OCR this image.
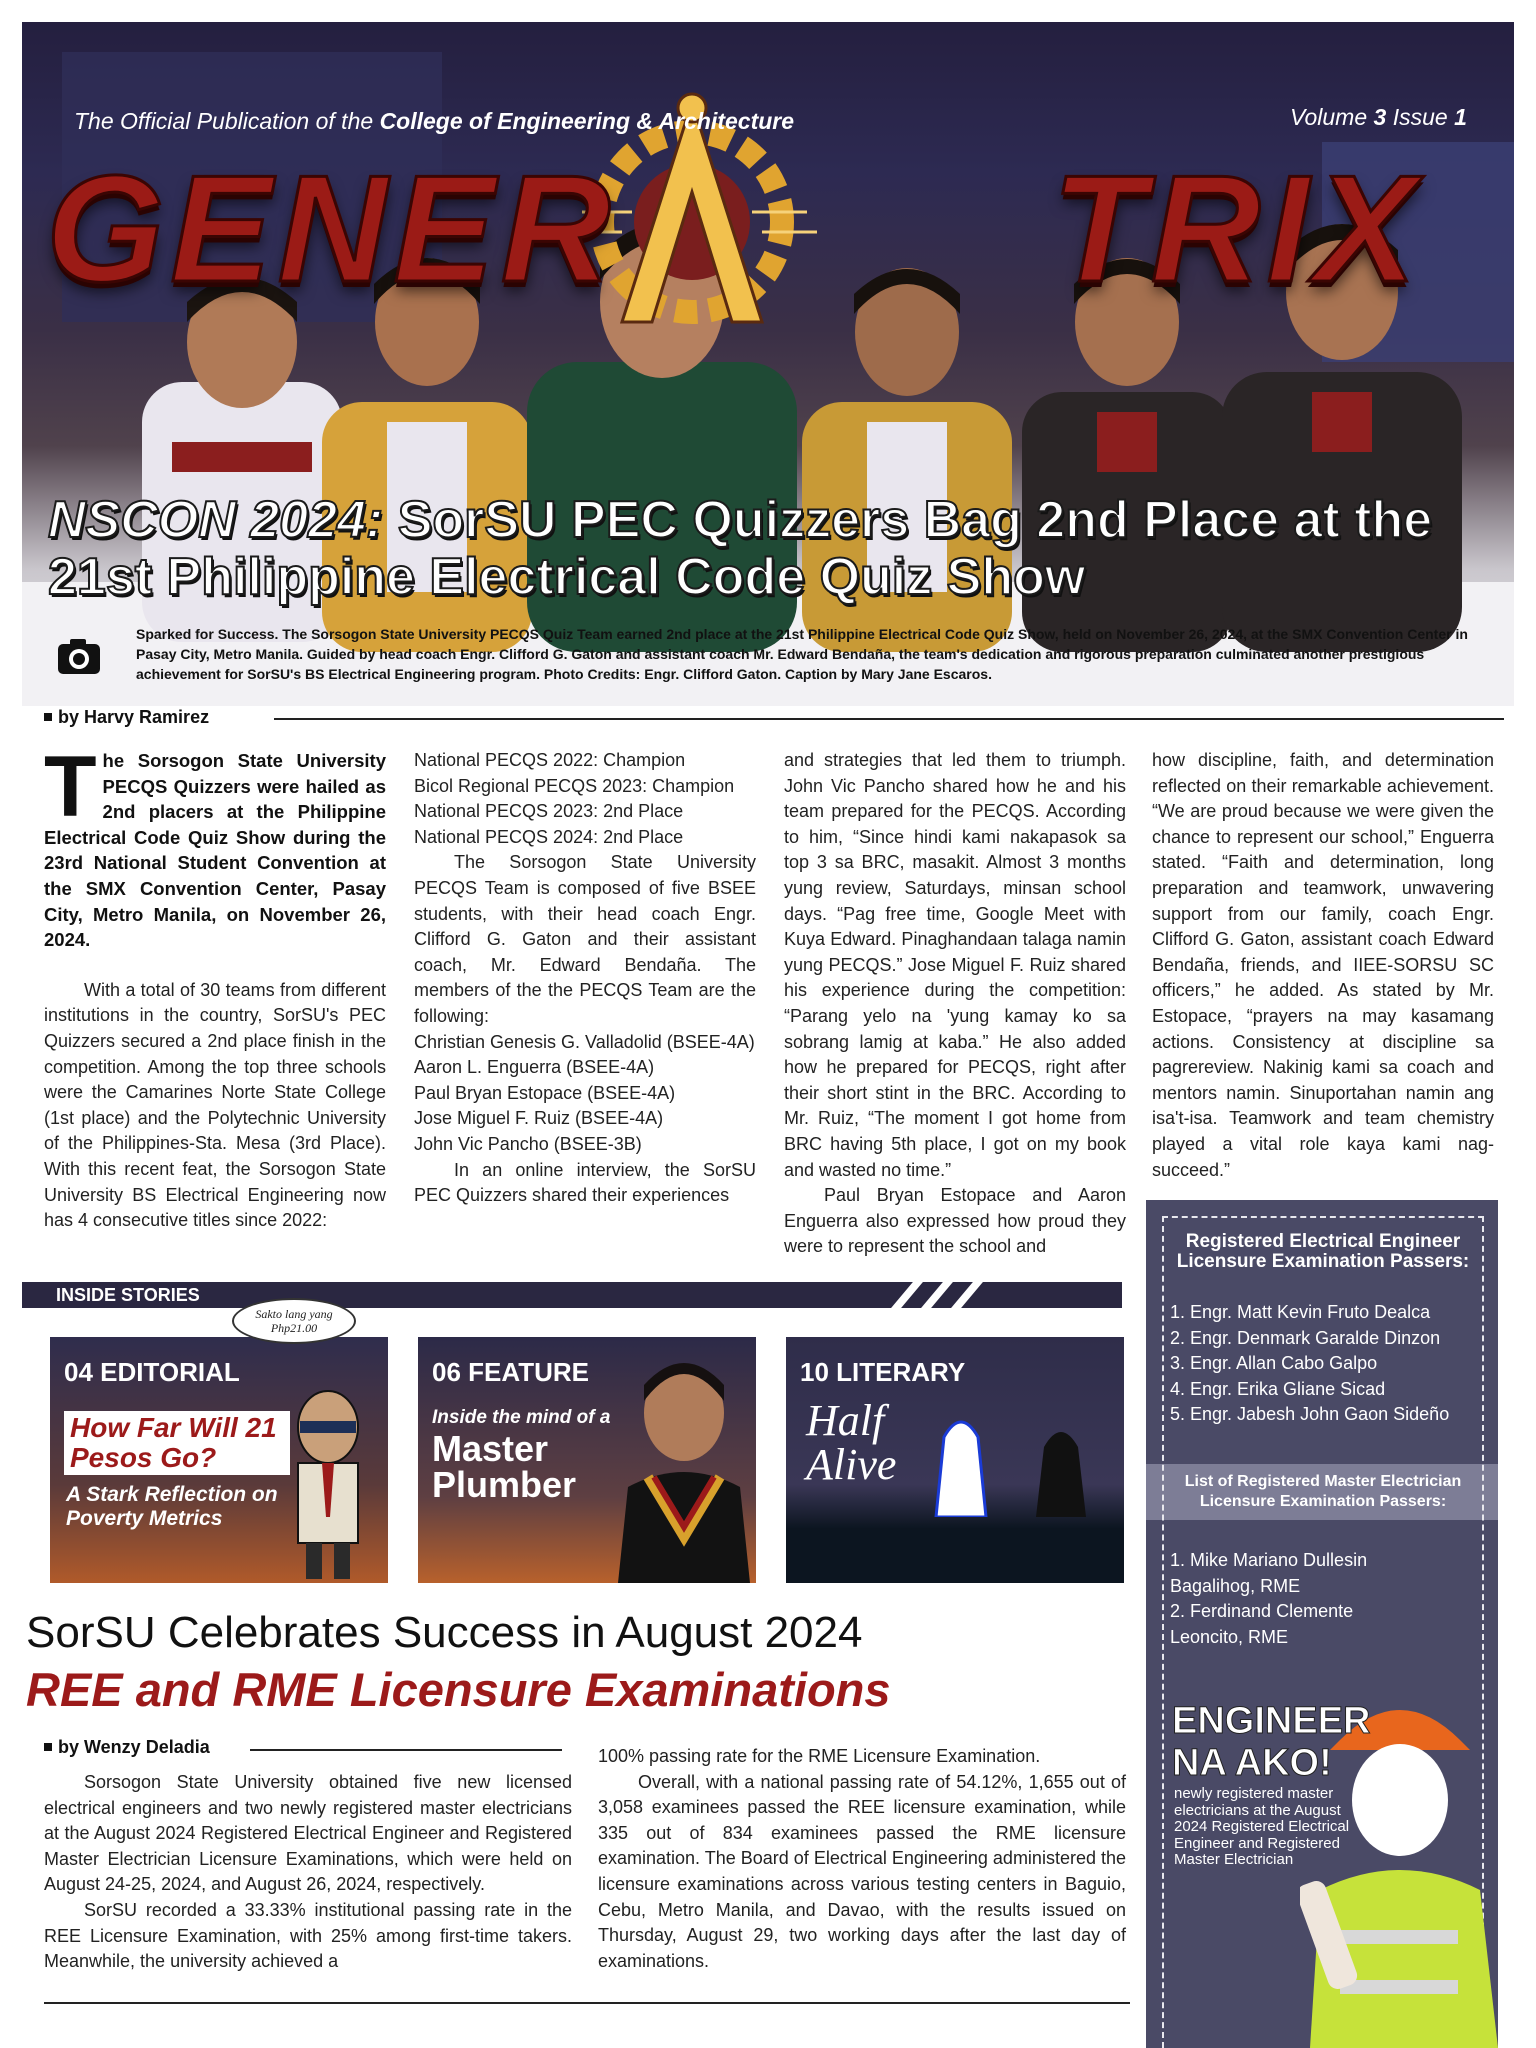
The Official Publication of the College of Engineering & Architecture	Volume 3 Issue 1
GENER	TRIX
NSCON 2024: SorSU PEC Quizzers Bag 2nd Place at the 21st Philippine Electrical Code Quiz Show
Sparked for Success. The Sorsogon State University PECQS Quiz Team earned 2nd place at the 21st Philippine Electrical Code Quiz Show, held on November 26, 2024, at the SMX Convention Center in Pasay City, Metro Manila. Guided by head coach Engr. Clifford G. Gaton and assistant coach Mr. Edward Bendaña, the team's dedication and rigorous preparation culminated another prestigious achievement for SorSU's BS Electrical Engineering program. Photo Credits: Engr. Clifford Gaton. Caption by Mary Jane Escaros.
by Harvy Ramirez
T he Sorsogon State University PECQS Quizzers were hailed as 2nd placers at the Philippine Electrical Code Quiz Show during the 23rd National Student Convention at the SMX Convention Center, Pasay City, Metro Manila, on November 26, 2024.

With a total of 30 teams from different institutions in the country, SorSU's PEC Quizzers secured a 2nd place finish in the competition. Among the top three schools were the Camarines Norte State College (1st place) and the Polytechnic University of the Philippines-Sta. Mesa (3rd Place). With this recent feat, the Sorsogon State University BS Electrical Engineering now has 4 consecutive titles since 2022:

National PECQS 2022: Champion

Bicol Regional PECQS 2023: Champion

National PECQS 2023: 2nd Place

National PECQS 2024: 2nd Place

The Sorsogon State University PECQS Team is composed of five BSEE students, with their head coach Engr. Clifford G. Gaton and their assistant coach, Mr. Edward Bendaña. The members of the the PECQS Team are the following:

Christian Genesis G. Valladolid (BSEE-4A)

Aaron L. Enguerra (BSEE-4A)

Paul Bryan Estopace (BSEE-4A)

Jose Miguel F. Ruiz (BSEE-4A)

John Vic Pancho (BSEE-3B)

In an online interview, the SorSU PEC Quizzers shared their experiences

and strategies that led them to triumph. John Vic Pancho shared how he and his team prepared for the PECQS. According to him, “Since hindi kami nakapasok sa top 3 sa BRC, masakit. Almost 3 months yung review, Saturdays, minsan school days. “Pag free time, Google Meet with Kuya Edward. Pinaghandaan talaga namin yung PECQS.” Jose Miguel F. Ruiz shared his experience during the competition: “Parang yelo na 'yung kamay ko sa sobrang lamig at kaba.” He also added how he prepared for PECQS, right after their short stint in the BRC. According to Mr. Ruiz, “The moment I got home from BRC having 5th place, I got on my book and wasted no time.”

Paul Bryan Estopace and Aaron Enguerra also expressed how proud they were to represent the school and

how discipline, faith, and determination reflected on their remarkable achievement. “We are proud because we were given the chance to represent our school,” Enguerra stated. “Faith and determination, long preparation and teamwork, unwavering support from our family, coach Engr. Clifford G. Gaton, assistant coach Edward Bendaña, friends, and IIEE-SORSU SC officers,” he added. As stated by Mr. Estopace, “prayers na may kasamang actions. Consistency at discipline sa pagrereview. Nakinig kami sa coach and mentors namin. Sinuportahan namin ang isa't-isa. Teamwork and team chemistry played a vital role kaya kami nag-succeed.”

INSIDE STORIES
04 EDITORIAL
How Far Will 21 Pesos Go?
A Stark Reflection on Poverty Metrics
Sakto lang yang Php21.00
06 FEATURE
Inside the mind of a
Master
Plumber
10 LITERARY
Half
Alive
SorSU Celebrates Success in August 2024
REE and RME Licensure Examinations
by Wenzy Deladia

Sorsogon State University obtained five new licensed electrical engineers and two newly registered master electricians at the August 2024 Registered Electrical Engineer and Registered Master Electrician Licensure Examinations, which were held on August 24-25, 2024, and August 26, 2024, respectively.

SorSU recorded a 33.33% institutional passing rate in the REE Licensure Examination, with 25% among first-time takers. Meanwhile, the university achieved a

100% passing rate for the RME Licensure Examination.

Overall, with a national passing rate of 54.12%, 1,655 out of 3,058 examinees passed the REE licensure examination, while 335 out of 834 examinees passed the RME licensure examination. The Board of Electrical Engineering administered the licensure examinations across various testing centers in Baguio, Cebu, Metro Manila, and Davao, with the results issued on Thursday, August 29, two working days after the last day of examinations.

Registered Electrical Engineer Licensure Examination Passers:
1. Engr. Matt Kevin Fruto Dealca
2. Engr. Denmark Garalde Dinzon
3. Engr. Allan Cabo Galpo
4. Engr. Erika Gliane Sicad
5. Engr. Jabesh John Gaon Sideño
List of Registered Master Electrician Licensure Examination Passers:
1. Mike Mariano Dullesin
Bagalihog, RME
2. Ferdinand Clemente
Leoncito, RME
ENGINEER
NA AKO!
newly registered master electricians at the August 2024 Registered Electrical Engineer and Registered Master Electrician
